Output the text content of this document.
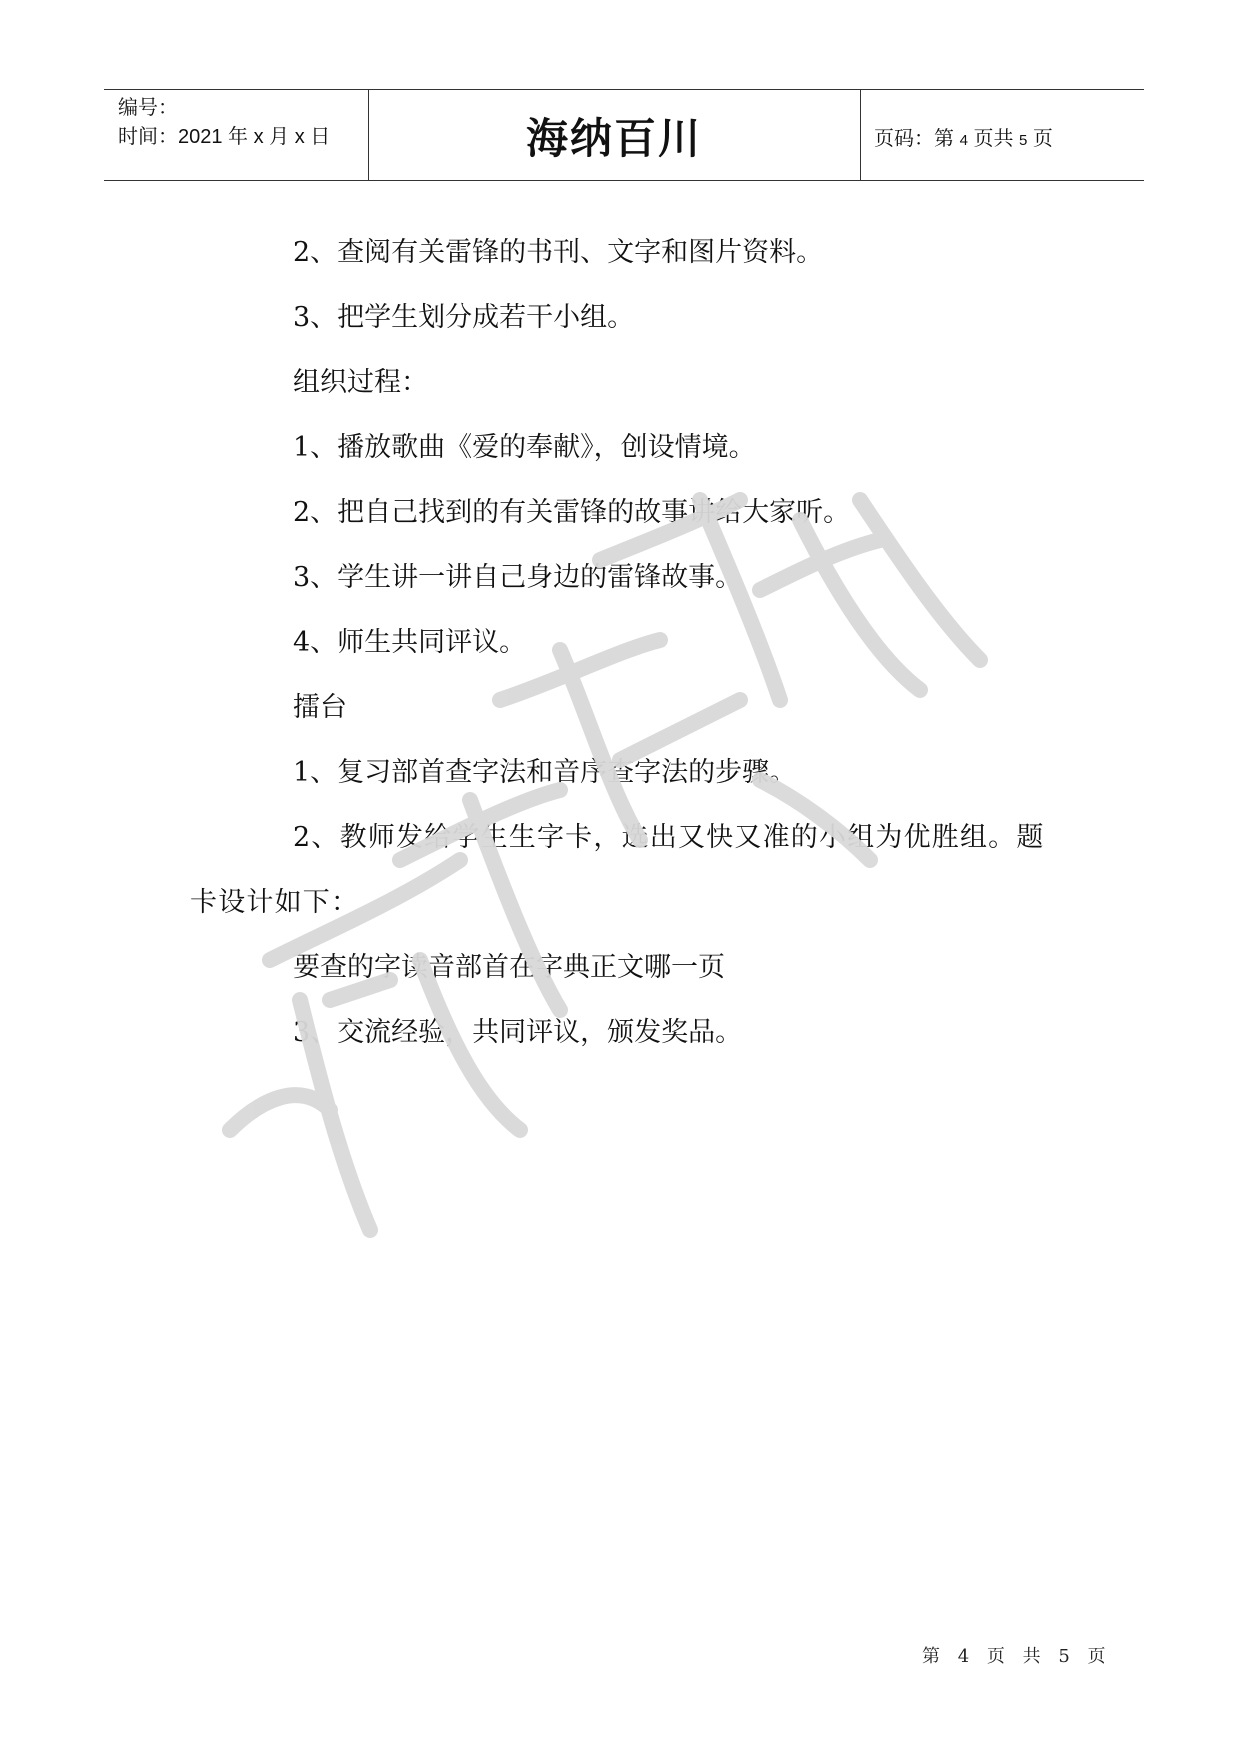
编号：
时间：2021 年 x 月 x 日	海纳百川	页码：第 4 页共 5 页

2、查阅有关雷锋的书刊、文字和图片资料。

3、把学生划分成若干小组。

组织过程：

1、播放歌曲《爱的奉献》，创设情境。

2、把自己找到的有关雷锋的故事讲给大家听。

3、学生讲一讲自己身边的雷锋故事。

4、师生共同评议。

擂台

1、复习部首查字法和音序查字法的步骤。

2、教师发给学生生字卡，选出又快又准的小组为优胜组。题卡设计如下：

要查的字读音部首在字典正文哪一页

3、交流经验，共同评议，颁发奖品。

第 4 页 共 5 页
